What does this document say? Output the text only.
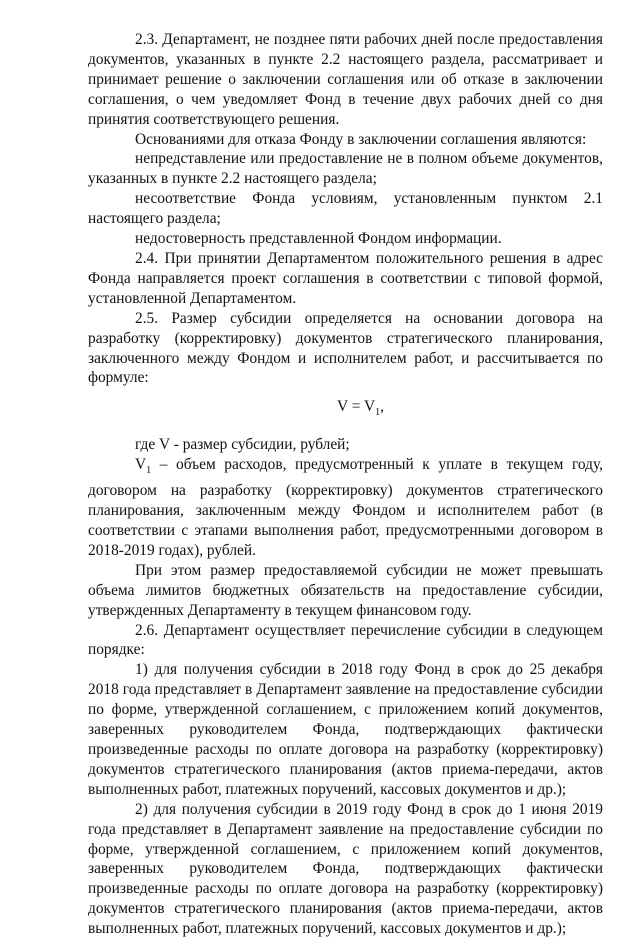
2.3. Департамент, не позднее пяти рабочих дней после предоставления документов, указанных в пункте 2.2 настоящего раздела, рассматривает и принимает решение о заключении соглашения или об отказе в заключении соглашения, о чем уведомляет Фонд в течение двух рабочих дней со дня принятия соответствующего решения.

Основаниями для отказа Фонду в заключении соглашения являются:

непредставление или предоставление не в полном объеме документов, указанных в пункте 2.2 настоящего раздела;

несоответствие Фонда условиям, установленным пунктом 2.1 настоящего раздела;

недостоверность представленной Фондом информации.

2.4. При принятии Департаментом положительного решения в адрес Фонда направляется проект соглашения в соответствии с типовой формой, установленной Департаментом.

2.5. Размер субсидии определяется на основании договора на разработку (корректировку) документов стратегического планирования, заключенного между Фондом и исполнителем работ, и рассчитывается по формуле:

$V = V_1$,

где V - размер субсидии, рублей;

$V_1$ – объем расходов, предусмотренный к уплате в текущем году, договором на разработку (корректировку) документов стратегического планирования, заключенным между Фондом и исполнителем работ (в соответствии с этапами выполнения работ, предусмотренными договором в 2018-2019 годах), рублей.

При этом размер предоставляемой субсидии не может превышать объема лимитов бюджетных обязательств на предоставление субсидии, утвержденных Департаменту в текущем финансовом году.

2.6. Департамент осуществляет перечисление субсидии в следующем порядке:

1) для получения субсидии в 2018 году Фонд в срок до 25 декабря 2018 года представляет в Департамент заявление на предоставление субсидии по форме, утвержденной соглашением, с приложением копий документов, заверенных руководителем Фонда, подтверждающих фактически произведенные расходы по оплате договора на разработку (корректировку) документов стратегического планирования (актов приема-передачи, актов выполненных работ, платежных поручений, кассовых документов и др.);

2) для получения субсидии в 2019 году Фонд в срок до 1 июня 2019 года представляет в Департамент заявление на предоставление субсидии по форме, утвержденной соглашением, с приложением копий документов, заверенных руководителем Фонда, подтверждающих фактически произведенные расходы по оплате договора на разработку (корректировку) документов стратегического планирования (актов приема-передачи, актов выполненных работ, платежных поручений, кассовых документов и др.);
